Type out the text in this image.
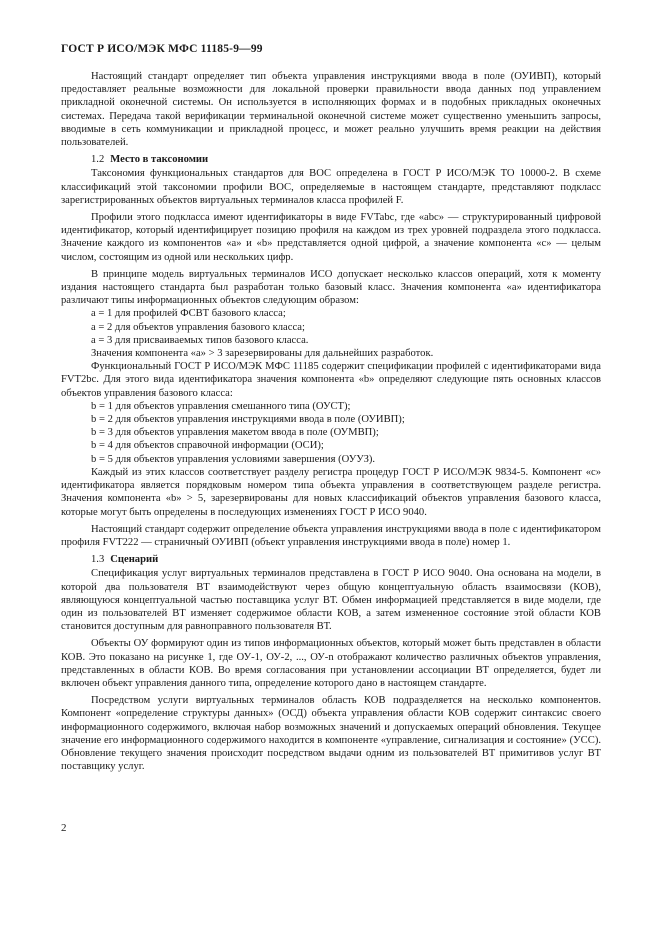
ГОСТ Р ИСО/МЭК МФС 11185-9—99

Настоящий стандарт определяет тип объекта управления инструкциями ввода в поле (ОУИВП), который предоставляет реальные возможности для локальной проверки правильности ввода данных под управлением прикладной оконечной системы. Он используется в исполняющих формах и в подобных прикладных оконечных системах. Передача такой верификации терминальной оконечной системе может существенно уменьшить запросы, вводимые в сеть коммуникации и прикладной процесс, и может реально улучшить время реакции на действия пользователей.

1.2 Место в таксономии

Таксономия функциональных стандартов для ВОС определена в ГОСТ Р ИСО/МЭК ТО 10000-2. В схеме классификаций этой таксономии профили ВОС, определяемые в настоящем стандарте, представляют подкласс зарегистрированных объектов виртуальных терминалов класса профилей F.

Профили этого подкласса имеют идентификаторы в виде FVTabc, где «abc» — структурированный цифровой идентификатор, который идентифицирует позицию профиля на каждом из трех уровней подраздела этого подкласса. Значение каждого из компонентов «a» и «b» представляется одной цифрой, а значение компонента «c» — целым числом, состоящим из одной или нескольких цифр.

В принципе модель виртуальных терминалов ИСО допускает несколько классов операций, хотя к моменту издания настоящего стандарта был разработан только базовый класс. Значения компонента «a» идентификатора различают типы информационных объектов следующим образом:

a = 1 для профилей ФСВТ базового класса;

a = 2 для объектов управления базового класса;

a = 3 для присваиваемых типов базового класса.

Значения компонента «a» > 3 зарезервированы для дальнейших разработок.

Функциональный ГОСТ Р ИСО/МЭК МФС 11185 содержит спецификации профилей с идентификаторами вида FVT2bc. Для этого вида идентификатора значения компонента «b» определяют следующие пять основных классов объектов управления базового класса:

b = 1 для объектов управления смешанного типа (ОУСТ);

b = 2 для объектов управления инструкциями ввода в поле (ОУИВП);

b = 3 для объектов управления макетом ввода в поле (ОУМВП);

b = 4 для объектов справочной информации (ОСИ);

b = 5 для объектов управления условиями завершения (ОУУЗ).

Каждый из этих классов соответствует разделу регистра процедур ГОСТ Р ИСО/МЭК 9834-5. Компонент «c» идентификатора является порядковым номером типа объекта управления в соответствующем разделе регистра. Значения компонента «b» > 5, зарезервированы для новых классификаций объектов управления базового класса, которые могут быть определены в последующих изменениях ГОСТ Р ИСО 9040.

Настоящий стандарт содержит определение объекта управления инструкциями ввода в поле с идентификатором профиля FVT222 — страничный ОУИВП (объект управления инструкциями ввода в поле) номер 1.

1.3 Сценарий

Спецификация услуг виртуальных терминалов представлена в ГОСТ Р ИСО 9040. Она основана на модели, в которой два пользователя ВТ взаимодействуют через общую концептуальную область взаимосвязи (КОВ), являющуюся концептуальной частью поставщика услуг ВТ. Обмен информацией представляется в виде модели, где один из пользователей ВТ изменяет содержимое области КОВ, а затем измененное состояние этой области КОВ становится доступным для равноправного пользователя ВТ.

Объекты ОУ формируют один из типов информационных объектов, который может быть представлен в области КОВ. Это показано на рисунке 1, где ОУ-1, ОУ-2, ..., ОУ-n отображают количество различных объектов управления, представленных в области КОВ. Во время согласования при установлении ассоциации ВТ определяется, будет ли включен объект управления данного типа, определение которого дано в настоящем стандарте.

Посредством услуги виртуальных терминалов область КОВ подразделяется на несколько компонентов. Компонент «определение структуры данных» (ОСД) объекта управления области КОВ содержит синтаксис своего информационного содержимого, включая набор возможных значений и допускаемых операций обновления. Текущее значение его информационного содержимого находится в компоненте «управление, сигнализация и состояние» (УСС). Обновление текущего значения происходит посредством выдачи одним из пользователей ВТ примитивов услуг ВТ поставщику услуг.

2
